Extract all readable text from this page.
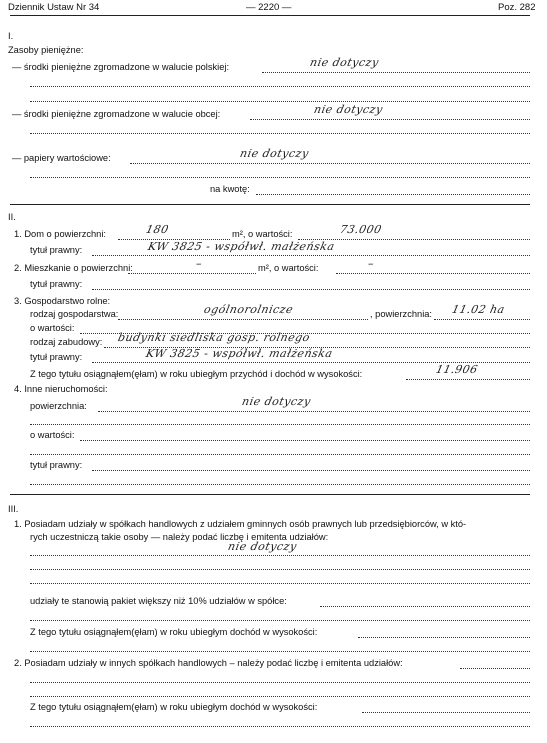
Dziennik Ustaw Nr 34	— 2220 —	Poz. 282
I.
Zasoby pieniężne:
— środki pieniężne zgromadzone w walucie polskiej:	nie dotyczy
— środki pieniężne zgromadzone w walucie obcej:	nie dotyczy
— papiery wartościowe:	nie dotyczy
na kwotę:
II.
1. Dom o powierzchni:	180	m², o wartości:	73.000
tytuł prawny:	KW 3825 - współwł. małżeńska
2. Mieszkanie o powierzchni:	–	m², o wartości:	–
tytuł prawny:
3. Gospodarstwo rolne:
rodzaj gospodarstwa:	ogólnorolnicze	, powierzchnia: 11.02 ha
o wartości:
rodzaj zabudowy: budynki siedliska gosp. rolnego
tytuł prawny:	KW 3825 - współwł. małżeńska
Z tego tytułu osiągnąłem(ęłam) w roku ubiegłym przychód i dochód w wysokości:	11.906
4. Inne nieruchomości:
powierzchnia:	nie dotyczy
o wartości:
tytuł prawny:
III.
1. Posiadam udziały w spółkach handlowych z udziałem gminnych osób prawnych lub przedsiębiorców, w któ-
rych uczestniczą takie osoby — należy podać liczbę i emitenta udziałów:
nie dotyczy
udziały te stanowią pakiet większy niż 10% udziałów w spółce:
Z tego tytułu osiągnąłem(ęłam) w roku ubiegłym dochód w wysokości:
2. Posiadam udziały w innych spółkach handlowych – należy podać liczbę i emitenta udziałów:
Z tego tytułu osiągnąłem(ęłam) w roku ubiegłym dochód w wysokości:
